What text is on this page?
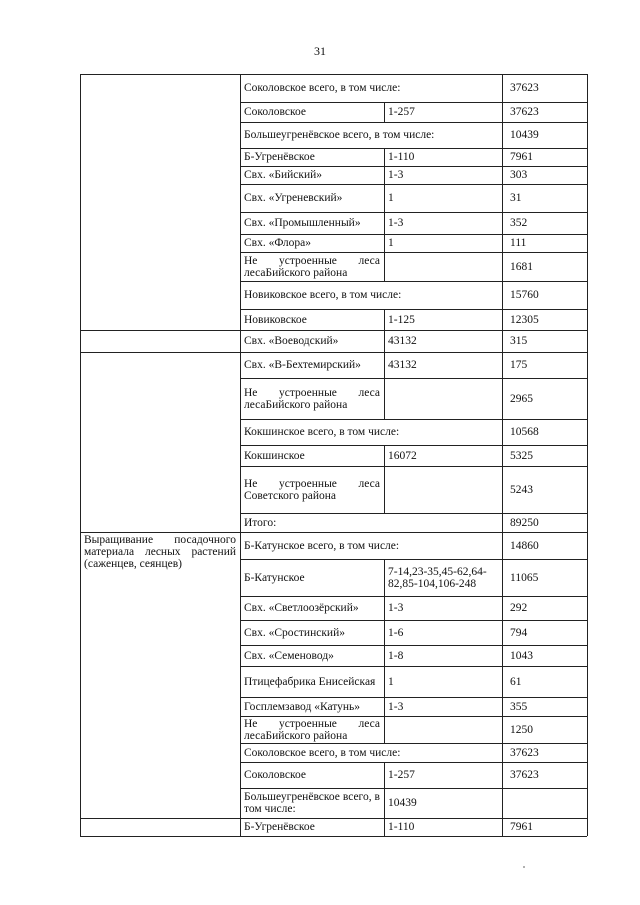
31
Соколовское всего, в том числе:	37623
Соколовское	1-257	37623
Большеугренёвское всего, в том числе:	10439
Б-Угренёвское	1-110	7961
Свх. «Бийский»	1-3	303
Свх. «Угреневский»	1	31
Свх. «Промышленный»	1-3	352
Свх. «Флора»	1	111
Не устроенные леса лесаБийского района	1681
Новиковское всего, в том числе:	15760
Новиковское	1-125	12305
Свх. «Воеводский»	43132	315
Свх. «В-Бехтемирский»	43132	175
Не устроенные леса лесаБийского района	2965
Кокшинское всего, в том числе:	10568
Кокшинское	16072	5325
Не устроенные леса Советского района	5243
Итого:	89250
Б-Катунское всего, в том числе:	14860
Выращивание посадочного материала леcных растений (саженцев, сеянцев)
Б-Катунское	7-14,23-35,45-62,64-82,85-104,106-248	11065
Свх. «Светлоозёрский»	1-3	292
Свх. «Сростинский»	1-6	794
Свх. «Семеновод»	1-8	1043
Птицефабрика Енисейская	1	61
Госплемзавод «Катунь»	1-3	355
Не устроенные леса лесаБийского района	1250
Соколовское всего, в том числе:	37623
Соколовское	1-257	37623
Большеугренёвское всего, в том числе:	10439
Б-Угренёвское	1-110	7961
